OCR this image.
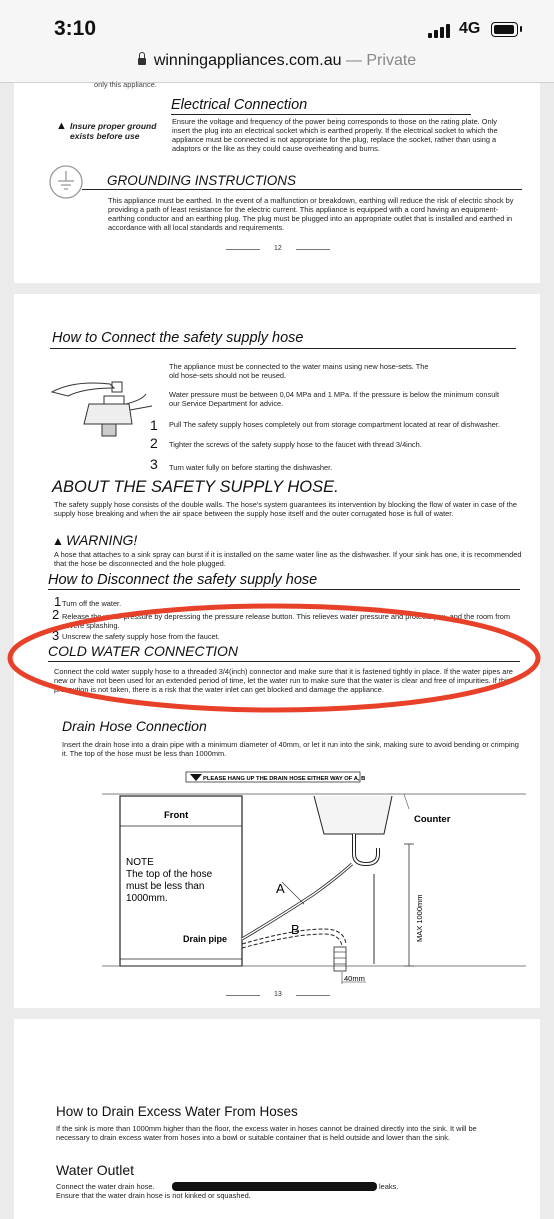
3:10	4G
winningappliances.com.au — Private
only this appliance.
Electrical Connection
▲ Insure proper ground exists before use
Ensure the voltage and frequency of the power being corresponds to those on the rating plate. Only insert the plug into an electrical socket which is earthed properly. If the electrical socket to which the appliance must be connected is not appropriate for the plug, replace the socket, rather than using a adaptors or the like as they could cause overheating and burns.
GROUNDING INSTRUCTIONS
This appliance must be earthed. In the event of a malfunction or breakdown, earthing will reduce the risk of electric shock by providing a path of least resistance for the electric current. This appliance is equipped with a cord having an equipment-earthing conductor and an earthing plug. The plug must be plugged into an appropriate outlet that is installed and earthed in accordance with all local standards and requirements.
12
How to Connect the safety supply hose
The appliance must be connected to the water mains using new hose-sets. The old hose-sets should not be reused.
Water pressure must be between 0,04 MPa and 1 MPa. If the pressure is below the minimum consult our Service Department for advice.
1 Pull The safety supply hoses completely out from storage compartment located at rear of dishwasher.
2 Tighter the screws of the safety supply hose to the faucet with thread 3/4inch.
3 Turn water fully on before starting the dishwasher.
ABOUT THE SAFETY SUPPLY HOSE.
The safety supply hose consists of the double walls. The hose's system guarantees its intervention by blocking the flow of water in case of the supply hose breaking and when the air space between the supply hose itself and the outer corrugated hose is full of water.
▲ WARNING!
A hose that attaches to a sink spray can burst if it is installed on the same water line as the dishwasher. If your sink has one, it is recommended that the hose be disconnected and the hole plugged.
How to Disconnect the safety supply hose
1 Turn off the water.
2 Release the water pressure by depressing the pressure release button. This relieves water pressure and protects you, and the room from severe splashing.
3 Unscrew the safety supply hose from the faucet.
COLD WATER CONNECTION
Connect the cold water supply hose to a threaded 3/4(inch) connector and make sure that it is fastened tightly in place. If the water pipes are new or have not been used for an extended period of time, let the water run to make sure that the water is clear and free of impurities. If this precaution is not taken, there is a risk that the water inlet can get blocked and damage the appliance.
Drain Hose Connection
Insert the drain hose into a drain pipe with a minimum diameter of 40mm, or let it run into the sink, making sure to avoid bending or crimping it. The top of the hose must be less than 1000mm.
PLEASE HANG UP THE DRAIN HOSE EITHER WAY OF A, B
Front
NOTE
The top of the hose
must be less than
1000mm.
Drain pipe
Counter
A
B	MAX 1000mm
40mm
13
How to Drain Excess Water From Hoses
If the sink is more than 1000mm higher than the floor, the excess water in hoses cannot be drained directly into the sink. It will be necessary to drain excess water from hoses into a bowl or suitable container that is held outside and lower than the sink.
Water Outlet
Connect the water drain hose.	leaks.
Ensure that the water drain hose is not kinked or squashed.
